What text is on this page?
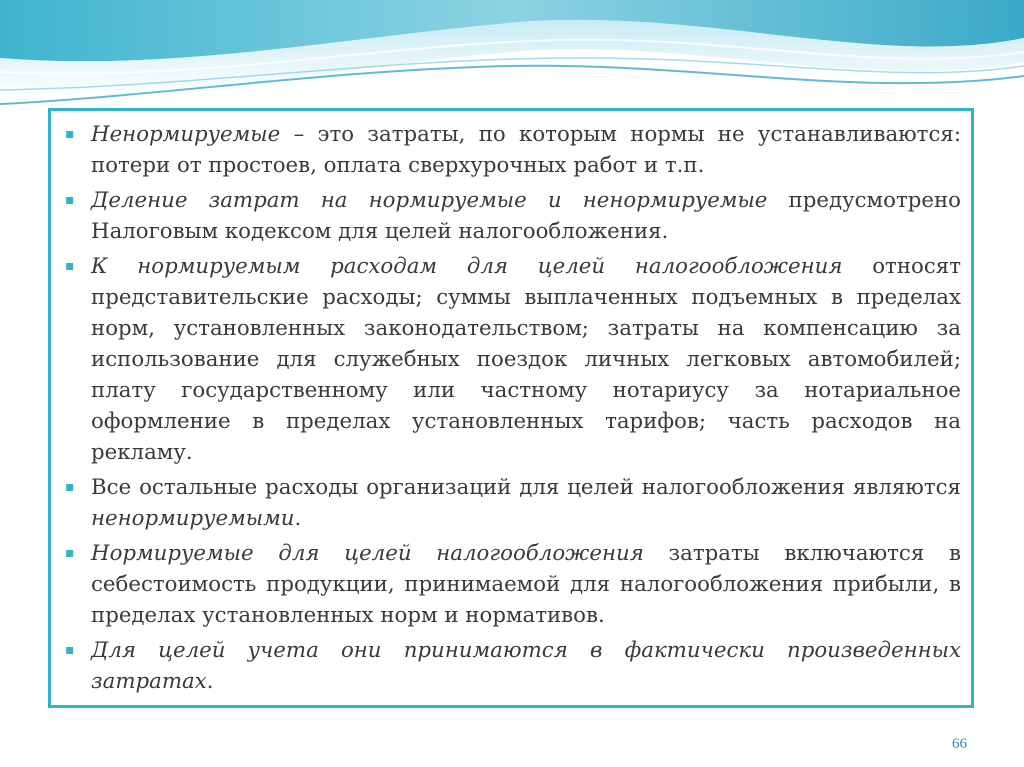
▪ Ненормируемые – это затраты, по которым нормы не устанавливаются: потери от простоев, оплата сверхурочных работ и т.п.
▪ Деление затрат на нормируемые и ненормируемые предусмотрено Налоговым кодексом для целей налогообложения.
▪ К нормируемым расходам для целей налогообложения относят представительские расходы; суммы выплаченных подъемных в пределах норм, установленных законодательством; затраты на компенсацию за использование для служебных поездок личных легковых автомобилей; плату государственному или частному нотариусу за нотариальное оформление в пределах установленных тарифов; часть расходов на рекламу.
▪ Все остальные расходы организаций для целей налогообложения являются ненормируемыми.
▪ Нормируемые для целей налогообложения затраты включаются в себестоимость продукции, принимаемой для налогообложения прибыли, в пределах установленных норм и нормативов.
▪ Для целей учета они принимаются в фактически произведенных затратах.
66
